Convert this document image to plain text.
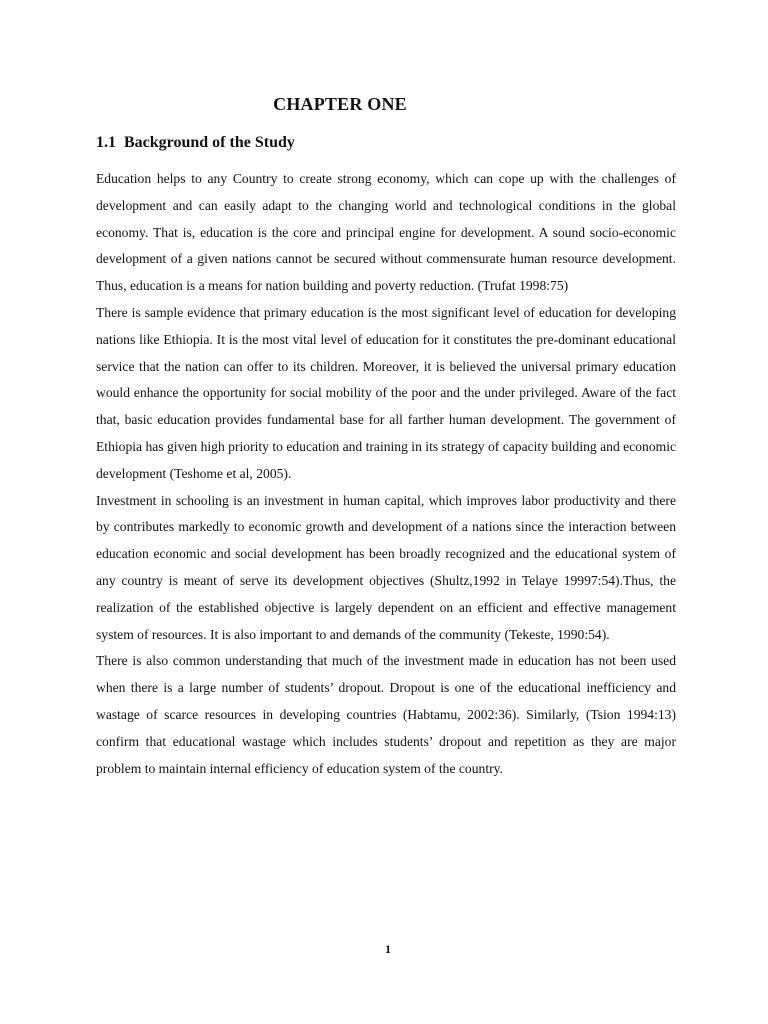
CHAPTER ONE
1.1 Background of the Study

Education helps to any Country to create strong economy, which can cope up with the challenges of development and can easily adapt to the changing world and technological conditions in the global economy. That is, education is the core and principal engine for development. A sound socio-economic development of a given nations cannot be secured without commensurate human resource development. Thus, education is a means for nation building and poverty reduction. (Trufat 1998:75)

There is sample evidence that primary education is the most significant level of education for developing nations like Ethiopia. It is the most vital level of education for it constitutes the pre-dominant educational service that the nation can offer to its children. Moreover, it is believed the universal primary education would enhance the opportunity for social mobility of the poor and the under privileged. Aware of the fact that, basic education provides fundamental base for all farther human development. The government of Ethiopia has given high priority to education and training in its strategy of capacity building and economic development (Teshome et al, 2005).

Investment in schooling is an investment in human capital, which improves labor productivity and there by contributes markedly to economic growth and development of a nations since the interaction between education economic and social development has been broadly recognized and the educational system of any country is meant of serve its development objectives (Shultz,1992 in Telaye 19997:54).Thus, the realization of the established objective is largely dependent on an efficient and effective management system of resources. It is also important to and demands of the community (Tekeste, 1990:54).

There is also common understanding that much of the investment made in education has not been used when there is a large number of students’ dropout. Dropout is one of the educational inefficiency and wastage of scarce resources in developing countries (Habtamu, 2002:36). Similarly, (Tsion 1994:13) confirm that educational wastage which includes students’ dropout and repetition as they are major problem to maintain internal efficiency of education system of the country.

1
